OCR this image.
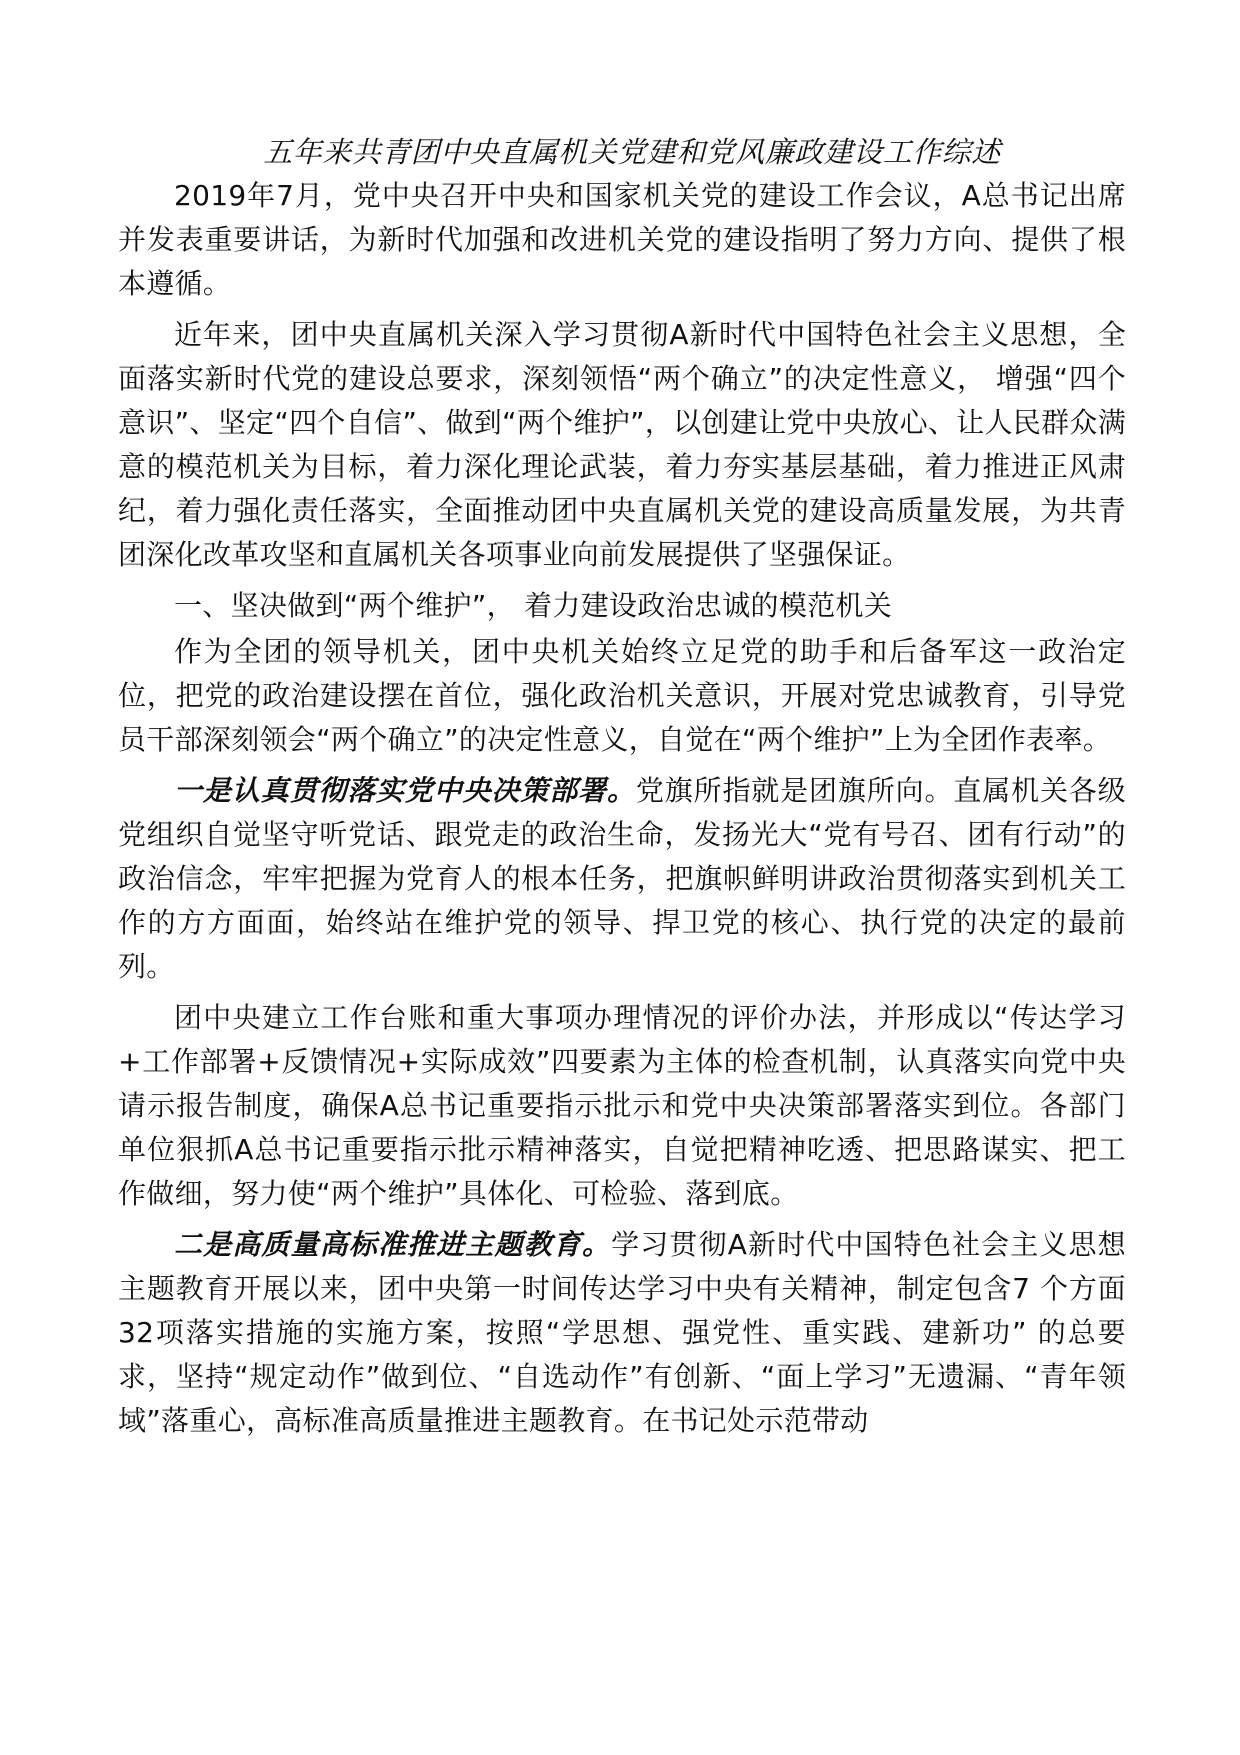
五年来共青团中央直属机关党建和党风廉政建设工作综述

2019年7月，党中央召开中央和国家机关党的建设工作会议，A总书记出席并发表重要讲话，为新时代加强和改进机关党的建设指明了努力方向、提供了根本遵循。

近年来，团中央直属机关深入学习贯彻A新时代中国特色社会主义思想，全面落实新时代党的建设总要求，深刻领悟“两个确立”的决定性意义， 增强“四个意识”、坚定“四个自信”、做到“两个维护”，以创建让党中央放心、让人民群众满意的模范机关为目标，着力深化理论武装，着力夯实基层基础，着力推进正风肃纪，着力强化责任落实，全面推动团中央直属机关党的建设高质量发展，为共青团深化改革攻坚和直属机关各项事业向前发展提供了坚强保证。

一、坚决做到“两个维护”， 着力建设政治忠诚的模范机关

作为全团的领导机关，团中央机关始终立足党的助手和后备军这一政治定位，把党的政治建设摆在首位，强化政治机关意识，开展对党忠诚教育，引导党员干部深刻领会“两个确立”的决定性意义，自觉在“两个维护”上为全团作表率。

一是认真贯彻落实党中央决策部署。党旗所指就是团旗所向。直属机关各级党组织自觉坚守听党话、跟党走的政治生命，发扬光大“党有号召、团有行动”的政治信念，牢牢把握为党育人的根本任务，把旗帜鲜明讲政治贯彻落实到机关工作的方方面面，始终站在维护党的领导、捍卫党的核心、执行党的决定的最前列。

团中央建立工作台账和重大事项办理情况的评价办法，并形成以“传达学习+工作部署+反馈情况+实际成效”四要素为主体的检查机制，认真落实向党中央请示报告制度，确保A总书记重要指示批示和党中央决策部署落实到位。各部门单位狠抓A总书记重要指示批示精神落实，自觉把精神吃透、把思路谋实、把工作做细，努力使“两个维护”具体化、可检验、落到底。

二是高质量高标准推进主题教育。学习贯彻A新时代中国特色社会主义思想主题教育开展以来，团中央第一时间传达学习中央有关精神，制定包含7 个方面32项落实措施的实施方案，按照“学思想、强党性、重实践、建新功” 的总要求，坚持“规定动作”做到位、“自选动作”有创新、“面上学习”无遗漏、“青年领域”落重心，高标准高质量推进主题教育。在书记处示范带动
